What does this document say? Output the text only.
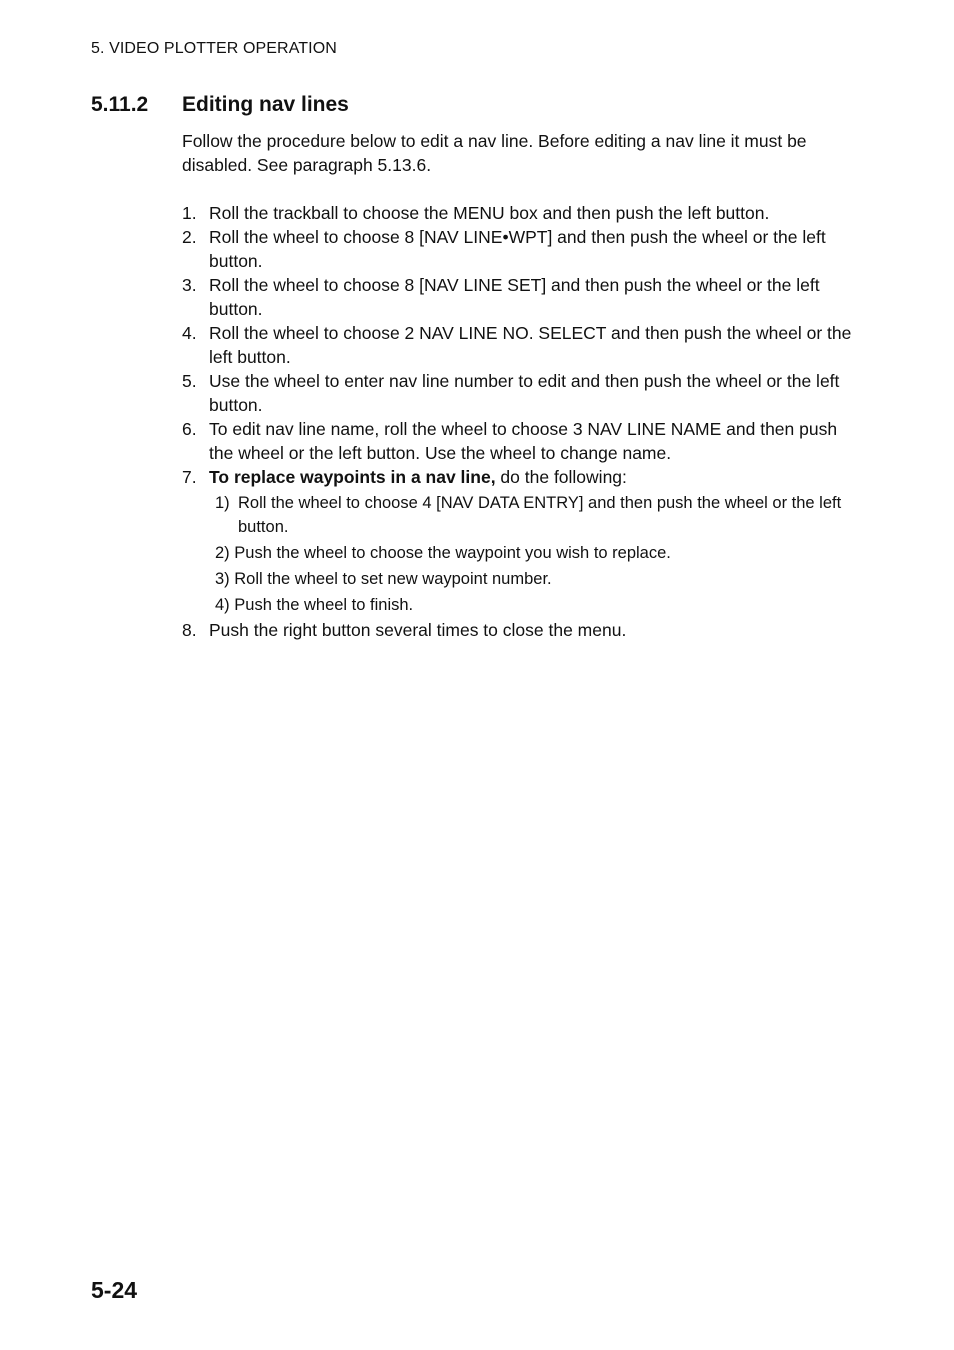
5. VIDEO PLOTTER OPERATION
5.11.2 Editing nav lines

Follow the procedure below to edit a nav line. Before editing a nav line it must be disabled. See paragraph 5.13.6.

1. Roll the trackball to choose the MENU box and then push the left button.
2. Roll the wheel to choose 8 [NAV LINE•WPT] and then push the wheel or the left button.
3. Roll the wheel to choose 8 [NAV LINE SET] and then push the wheel or the left button.
4. Roll the wheel to choose 2 NAV LINE NO. SELECT and then push the wheel or the left button.
5. Use the wheel to enter nav line number to edit and then push the wheel or the left button.
6. To edit nav line name, roll the wheel to choose 3 NAV LINE NAME and then push the wheel or the left button. Use the wheel to change name.
7. To replace waypoints in a nav line, do the following:
1) Roll the wheel to choose 4 [NAV DATA ENTRY] and then push the wheel or the left button.
2) Push the wheel to choose the waypoint you wish to replace.
3) Roll the wheel to set new waypoint number.
4) Push the wheel to finish.
8. Push the right button several times to close the menu.
5-24
